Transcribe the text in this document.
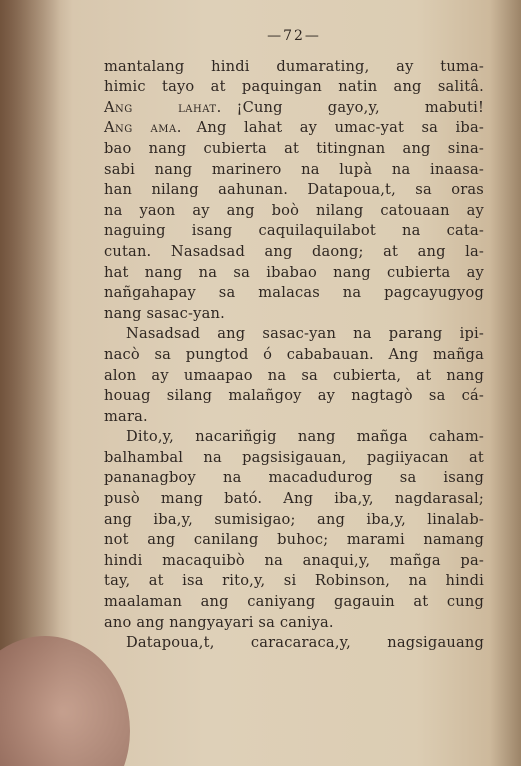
—72—
mantalang hindi dumarating, ay tuma-
himic tayo at paquingan natin ang salitâ.
Ang lahat.  ¡Cung gayo,y, mabuti!
Ang ama.  Ang lahat ay umac-yat sa iba-
bao nang cubierta at titingnan ang sina-
sabi nang marinero na lupà na inaasa-
han nilang aahunan. Datapoua,t, sa oras
na yaon ay ang boò nilang catouaan ay
naguing isang caquilaquilabot na cata-
cutan. Nasadsad ang daong; at ang la-
hat nang na sa ibabao nang cubierta ay
nañgahapay sa malacas na pagcayugyog
nang sasac-yan.
Nasadsad ang sasac-yan na parang ipi-
nacò sa pungtod ó cababauan. Ang mañga
alon ay umaapao na sa cubierta, at nang
houag silang malañgoy ay nagtagò sa cá-
mara.
Dito,y, nacariñgig nang mañga caham-
balhambal na pagsisigauan, pagiiyacan at
pananagboy na macadudurog sa isang
pusò mang bató. Ang iba,y, nagdarasal;
ang iba,y, sumisigao; ang iba,y, linalab-
not ang canilang buhoc; marami namang
hindi macaquibò na anaqui,y, mañga pa-
tay, at isa rito,y, si Robinson, na hindi
maalaman ang caniyang gagauin at cung
ano ang nangyayari sa caniya.
Datapoua,t, caracaraca,y, nagsigauang
